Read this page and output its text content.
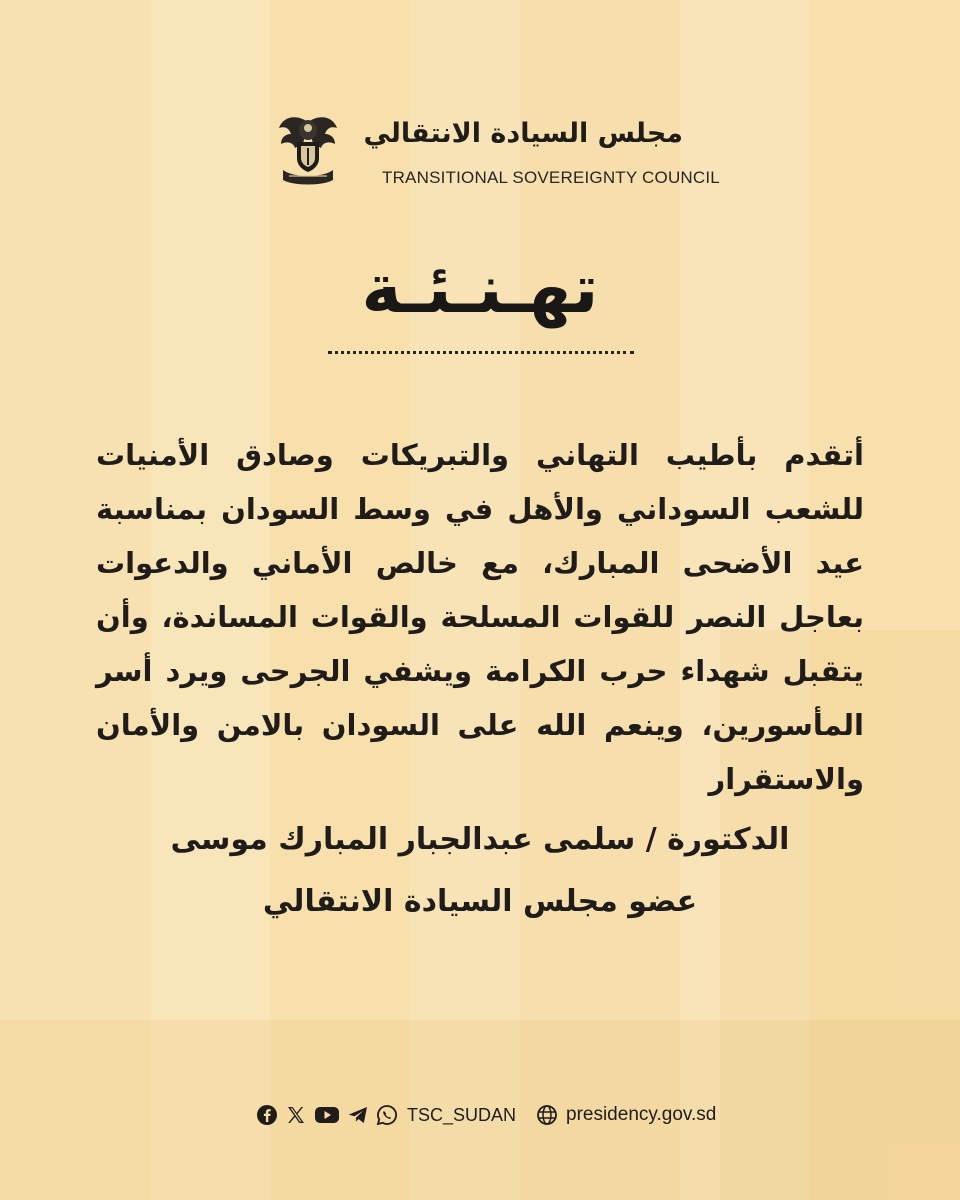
مجلس السيادة الانتقالي
TRANSITIONAL SOVEREIGNTY COUNCIL
تهـنـئـة

أتقدم بأطيب التهاني والتبريكات وصادق الأمنيات للشعب السوداني والأهل في وسط السودان بمناسبة عيد الأضحى المبارك، مع خالص الأماني والدعوات بعاجل النصر للقوات المسلحة والقوات المساندة، وأن يتقبل شهداء حرب الكرامة ويشفي الجرحى ويرد أسر المأسورين، وينعم الله على السودان بالامن والأمان والاستقرار

الدكتورة / سلمى عبدالجبار المبارك موسى
عضو مجلس السيادة الانتقالي
TSC_SUDAN	presidency.gov.sd
